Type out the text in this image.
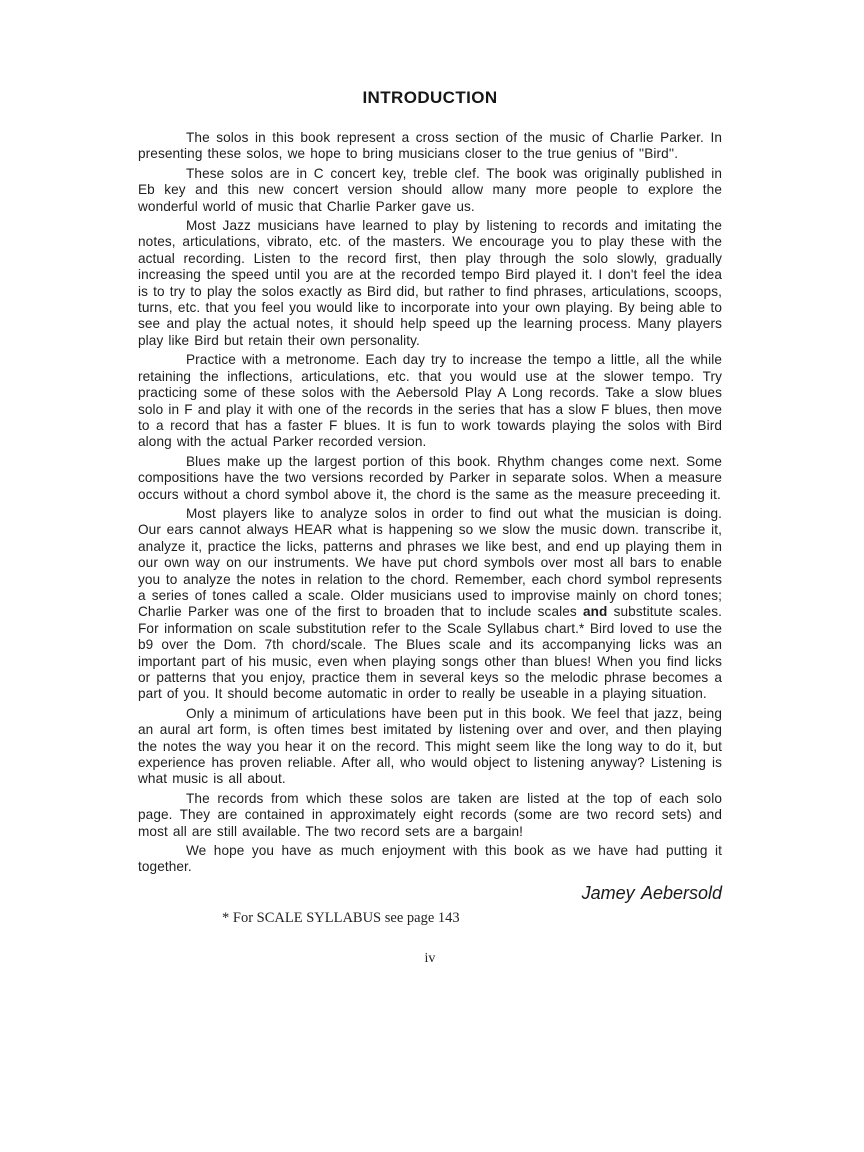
INTRODUCTION

The solos in this book represent a cross section of the music of Charlie Parker. In presenting these solos, we hope to bring musicians closer to the true genius of ''Bird''.

These solos are in C concert key, treble clef. The book was originally published in Eb key and this new concert version should allow many more people to explore the wonderful world of music that Charlie Parker gave us.

Most Jazz musicians have learned to play by listening to records and imitating the notes, articulations, vibrato, etc. of the masters. We encourage you to play these with the actual recording. Listen to the record first, then play through the solo slowly, gradually increasing the speed until you are at the recorded tempo Bird played it. I don't feel the idea is to try to play the solos exactly as Bird did, but rather to find phrases, articulations, scoops, turns, etc. that you feel you would like to incorporate into your own playing. By being able to see and play the actual notes, it should help speed up the learning process. Many players play like Bird but retain their own personality.

Practice with a metronome. Each day try to increase the tempo a little, all the while retaining the inflections, articulations, etc. that you would use at the slower tempo. Try practicing some of these solos with the Aebersold Play A Long records. Take a slow blues solo in F and play it with one of the records in the series that has a slow F blues, then move to a record that has a faster F blues. It is fun to work towards playing the solos with Bird along with the actual Parker recorded version.

Blues make up the largest portion of this book. Rhythm changes come next. Some compositions have the two versions recorded by Parker in separate solos. When a measure occurs without a chord symbol above it, the chord is the same as the measure preceeding it.

Most players like to analyze solos in order to find out what the musician is doing. Our ears cannot always HEAR what is happening so we slow the music down. transcribe it, analyze it, practice the licks, patterns and phrases we like best, and end up playing them in our own way on our instruments. We have put chord symbols over most all bars to enable you to analyze the notes in relation to the chord. Remember, each chord symbol represents a series of tones called a scale. Older musicians used to improvise mainly on chord tones; Charlie Parker was one of the first to broaden that to include scales and substitute scales. For information on scale substitution refer to the Scale Syllabus chart.* Bird loved to use the b9 over the Dom. 7th chord/scale. The Blues scale and its accompanying licks was an important part of his music, even when playing songs other than blues! When you find licks or patterns that you enjoy, practice them in several keys so the melodic phrase becomes a part of you. It should become automatic in order to really be useable in a playing situation.

Only a minimum of articulations have been put in this book. We feel that jazz, being an aural art form, is often times best imitated by listening over and over, and then playing the notes the way you hear it on the record. This might seem like the long way to do it, but experience has proven reliable. After all, who would object to listening anyway? Listening is what music is all about.

The records from which these solos are taken are listed at the top of each solo page. They are contained in approximately eight records (some are two record sets) and most all are still available. The two record sets are a bargain!

We hope you have as much enjoyment with this book as we have had putting it together.

Jamey Aebersold
* For SCALE SYLLABUS see page 143
iv
